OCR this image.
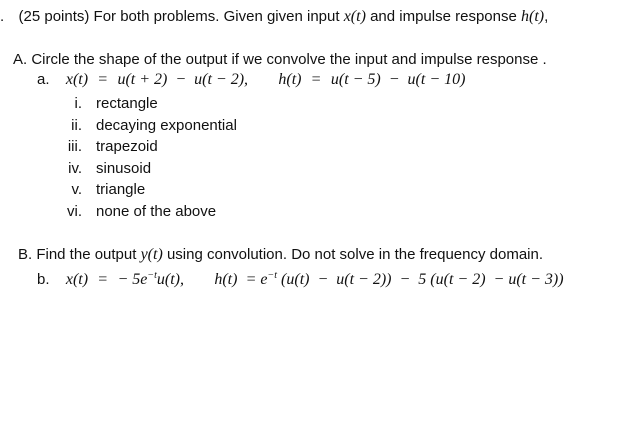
. (25 points) For both problems. Given given input x(t) and impulse response h(t),
A. Circle the shape of the output if we convolve the input and impulse response .
a. x(t) = u(t + 2)  −  u(t − 2), h(t) = u(t − 5)  −  u(t − 10)
i. rectangle
ii. decaying exponential
iii. trapezoid
iv. sinusoid
v. triangle
vi. none of the above
B. Find the output y(t) using convolution. Do not solve in the frequency domain.
b. x(t) = − $5e^{-t}u(t)$, $h(t) = e^{-t}$ (u(t)  −  u(t − 2))  −  5 (u(t − 2)  − u(t − 3))
